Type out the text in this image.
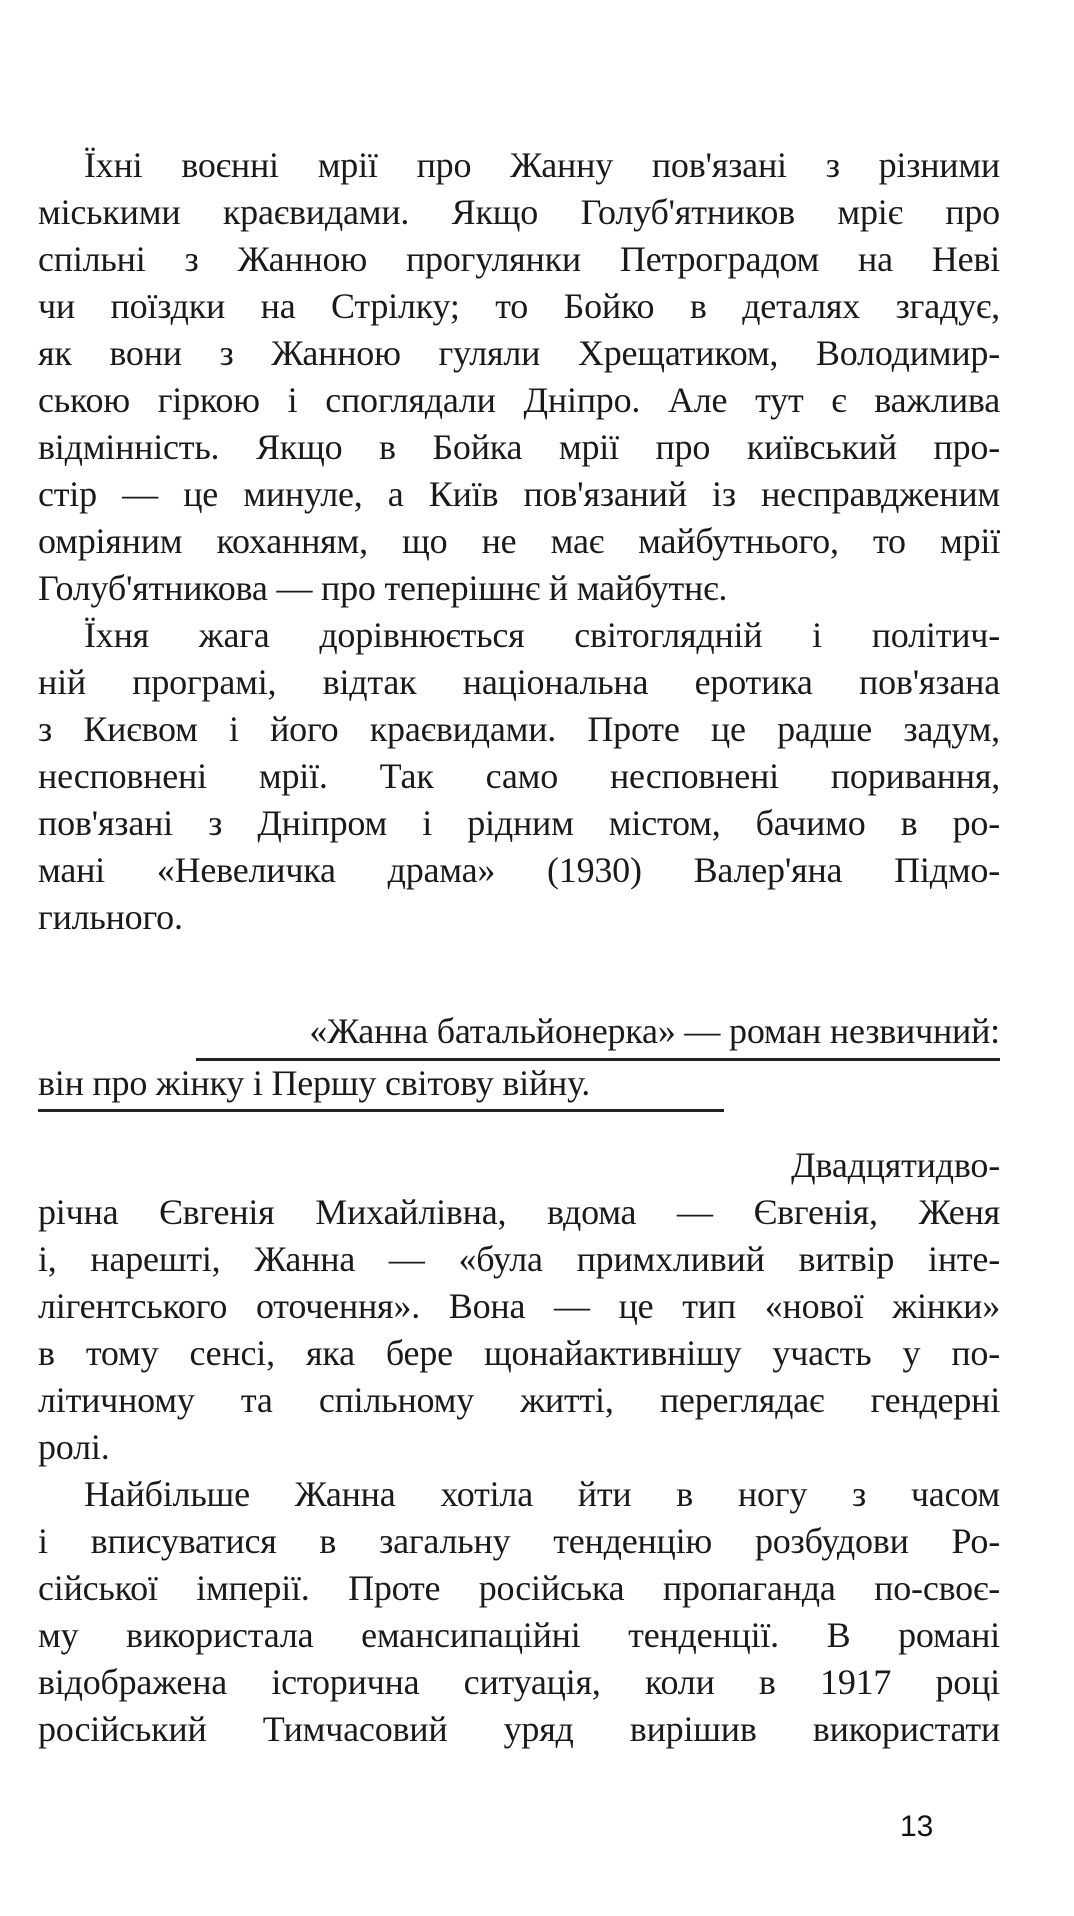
Їхні воєнні мрії про Жанну пов'язані з різними
міськими краєвидами. Якщо Голуб'ятников мріє про
спільні з Жанною прогулянки Петроградом на Неві
чи поїздки на Стрілку; то Бойко в деталях згадує,
як вони з Жанною гуляли Хрещатиком, Володимир-
ською гіркою і споглядали Дніпро. Але тут є важлива
відмінність. Якщо в Бойка мрії про київський про-
стір — це минуле, а Київ пов'язаний із несправдженим
омріяним коханням, що не має майбутнього, то мрії
Голуб'ятникова — про теперішнє й майбутнє.
Їхня жага дорівнюється світоглядній і політич-
ній програмі, відтак національна еротика пов'язана
з Києвом і його краєвидами. Проте це радше задум,
несповнені мрії. Так само несповнені поривання,
пов'язані з Дніпром і рідним містом, бачимо в ро-
мані «Невеличка драма» (1930) Валер'яна Підмо-
гильного.
«Жанна батальйонерка» — роман незвичний:
він про жінку і Першу світову війну.
Двадцятидво-
річна Євгенія Михайлівна, вдома — Євгенія, Женя
і, нарешті, Жанна — «була примхливий витвір інте-
лігентського оточення». Вона — це тип «нової жінки»
в тому сенсі, яка бере щонайактивнішу участь у по-
літичному та спільному житті, переглядає гендерні
ролі.
Найбільше Жанна хотіла йти в ногу з часом
і вписуватися в загальну тенденцію розбудови Ро-
сійської імперії. Проте російська пропаганда по-своє-
му використала емансипаційні тенденції. В романі
відображена історична ситуація, коли в 1917 році
російський Тимчасовий уряд вирішив використати
13
